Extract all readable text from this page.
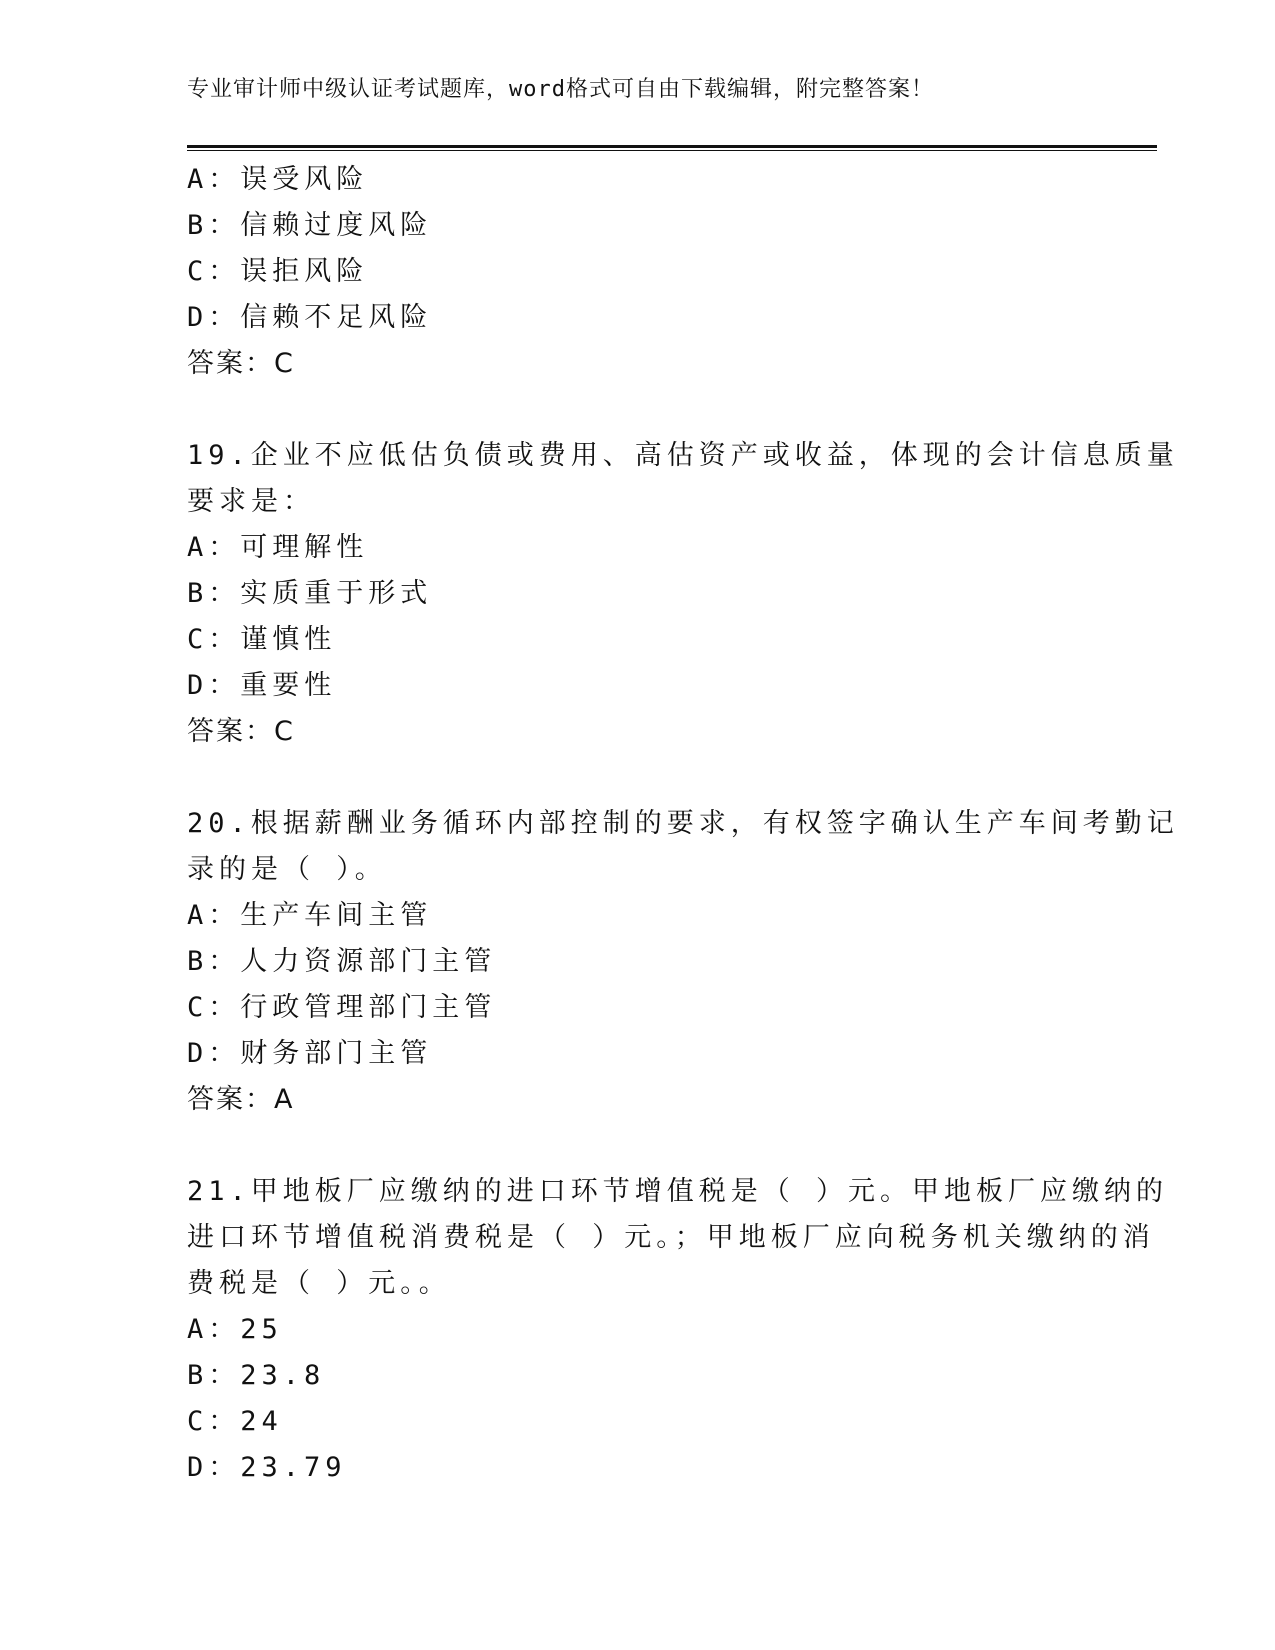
专业审计师中级认证考试题库，word格式可自由下载编辑，附完整答案！
A：误受风险
B：信赖过度风险
C：误拒风险
D：信赖不足风险
答案：C
19.企业不应低估负债或费用、高估资产或收益，体现的会计信息质量
要求是：
A：可理解性
B：实质重于形式
C：谨慎性
D：重要性
答案：C
20.根据薪酬业务循环内部控制的要求，有权签字确认生产车间考勤记
录的是（ ）。
A：生产车间主管
B：人力资源部门主管
C：行政管理部门主管
D：财务部门主管
答案：A
21.甲地板厂应缴纳的进口环节增值税是（ ）元。甲地板厂应缴纳的
进口环节增值税消费税是（ ）元。；甲地板厂应向税务机关缴纳的消
费税是（ ）元。。
A：25
B：23.8
C：24
D：23.79
